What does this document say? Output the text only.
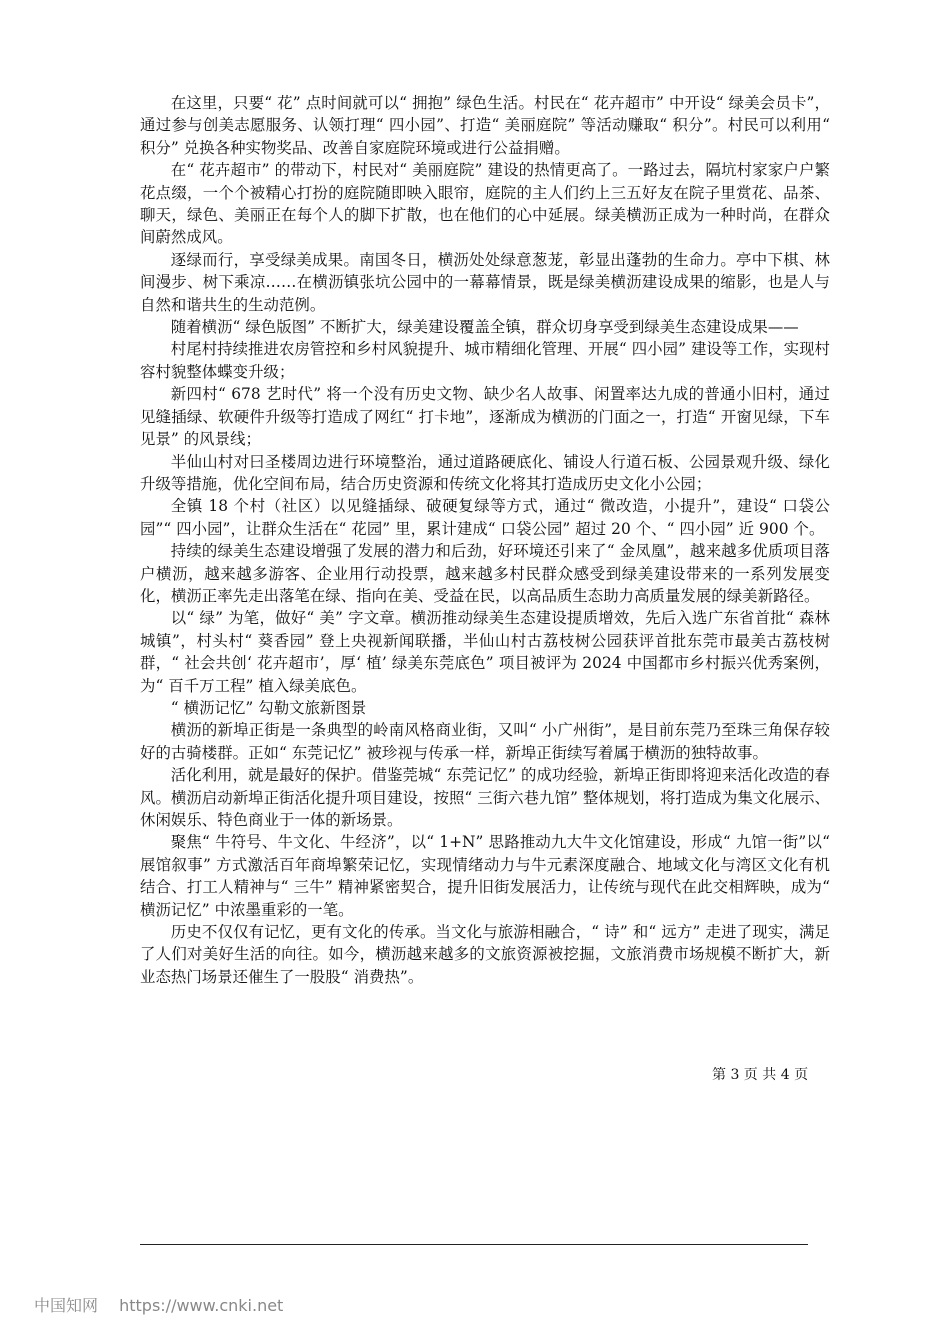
在这里，只要“ 花” 点时间就可以“ 拥抱” 绿色生活。村民在“ 花卉超市” 中开设“ 绿美会员卡”，通过参与创美志愿服务、认领打理“ 四小园”、打造“ 美丽庭院” 等活动赚取“ 积分”。村民可以利用“ 积分” 兑换各种实物奖品、改善自家庭院环境或进行公益捐赠。

在“ 花卉超市” 的带动下，村民对“ 美丽庭院” 建设的热情更高了。一路过去，隔坑村家家户户繁花点缀，一个个被精心打扮的庭院随即映入眼帘，庭院的主人们约上三五好友在院子里赏花、品茶、聊天，绿色、美丽正在每个人的脚下扩散，也在他们的心中延展。绿美横沥正成为一种时尚，在群众间蔚然成风。

逐绿而行，享受绿美成果。南国冬日，横沥处处绿意葱茏，彰显出蓬勃的生命力。亭中下棋、林间漫步、树下乘凉……在横沥镇张坑公园中的一幕幕情景，既是绿美横沥建设成果的缩影，也是人与自然和谐共生的生动范例。

随着横沥“ 绿色版图” 不断扩大，绿美建设覆盖全镇，群众切身享受到绿美生态建设成果——

村尾村持续推进农房管控和乡村风貌提升、城市精细化管理、开展“ 四小园” 建设等工作，实现村容村貌整体蝶变升级；

新四村“ 678 艺时代” 将一个没有历史文物、缺少名人故事、闲置率达九成的普通小旧村，通过见缝插绿、软硬件升级等打造成了网红“ 打卡地”，逐渐成为横沥的门面之一，打造“ 开窗见绿，下车见景” 的风景线；

半仙山村对曰圣楼周边进行环境整治，通过道路硬底化、铺设人行道石板、公园景观升级、绿化升级等措施，优化空间布局，结合历史资源和传统文化将其打造成历史文化小公园；

全镇 18 个村（社区）以见缝插绿、破硬复绿等方式，通过“ 微改造，小提升”，建设“ 口袋公园”“ 四小园”，让群众生活在“ 花园” 里，累计建成“ 口袋公园” 超过 20 个、“ 四小园” 近 900 个。

持续的绿美生态建设增强了发展的潜力和后劲，好环境还引来了“ 金凤凰”，越来越多优质项目落户横沥，越来越多游客、企业用行动投票，越来越多村民群众感受到绿美建设带来的一系列发展变化，横沥正率先走出落笔在绿、指向在美、受益在民，以高品质生态助力高质量发展的绿美新路径。

以“ 绿” 为笔，做好“ 美” 字文章。横沥推动绿美生态建设提质增效，先后入选广东省首批“ 森林城镇”，村头村“ 葵香园” 登上央视新闻联播，半仙山村古荔枝树公园获评首批东莞市最美古荔枝树群，“ 社会共创‘ 花卉超市’，厚‘ 植’ 绿美东莞底色” 项目被评为 2024 中国都市乡村振兴优秀案例，为“ 百千万工程” 植入绿美底色。

“ 横沥记忆” 勾勒文旅新图景

横沥的新埠正街是一条典型的岭南风格商业街，又叫“ 小广州街”，是目前东莞乃至珠三角保存较好的古骑楼群。正如“ 东莞记忆” 被珍视与传承一样，新埠正街续写着属于横沥的独特故事。

活化利用，就是最好的保护。借鉴莞城“ 东莞记忆” 的成功经验，新埠正街即将迎来活化改造的春风。横沥启动新埠正街活化提升项目建设，按照“ 三街六巷九馆” 整体规划，将打造成为集文化展示、休闲娱乐、特色商业于一体的新场景。

聚焦“ 牛符号、牛文化、牛经济”，以“ 1+N” 思路推动九大牛文化馆建设，形成“ 九馆一街”以“ 展馆叙事” 方式激活百年商埠繁荣记忆，实现情绪动力与牛元素深度融合、地域文化与湾区文化有机结合、打工人精神与“ 三牛” 精神紧密契合，提升旧街发展活力，让传统与现代在此交相辉映，成为“ 横沥记忆” 中浓墨重彩的一笔。

历史不仅仅有记忆，更有文化的传承。当文化与旅游相融合，“ 诗” 和“ 远方” 走进了现实，满足了人们对美好生活的向往。如今，横沥越来越多的文旅资源被挖掘，文旅消费市场规模不断扩大，新业态热门场景还催生了一股股“ 消费热”。

第 3 页 共 4 页
中国知网 https://www.cnki.net
